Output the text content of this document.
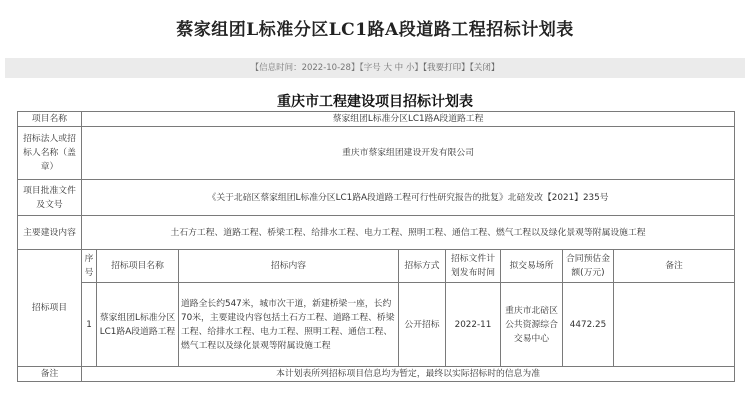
蔡家组团L标准分区LC1路A段道路工程招标计划表
【信息时间：2022-10-28】【字号 大 中 小】【我要打印】【关闭】
重庆市工程建设项目招标计划表
项目名称	蔡家组团L标准分区LC1路A段道路工程							
招标法人或招标人名称（盖章）	重庆市蔡家组团建设开发有限公司							
项目批准文件及文号	《关于北碚区蔡家组团L标准分区LC1路A段道路工程可行性研究报告的批复》北碚发改【2021】235号							
主要建设内容	土石方工程、道路工程、桥梁工程、给排水工程、电力工程、照明工程、通信工程、燃气工程以及绿化景观等附属设施工程							
招标项目	序号	招标项目名称	招标内容	招标方式	招标文件计划发布时间	拟交易场所	合同预估金额(万元)	备注
	1	蔡家组团L标准分区LC1路A段道路工程	道路全长约547米，城市次干道，新建桥梁一座，长约70米，主要建设内容包括土石方工程、道路工程、桥梁工程、给排水工程、电力工程、照明工程、通信工程、燃气工程以及绿化景观等附属设施工程	公开招标	2022-11	重庆市北碚区公共资源综合交易中心	4472.25	
备注	本计划表所列招标项目信息均为暂定，最终以实际招标时的信息为准							
